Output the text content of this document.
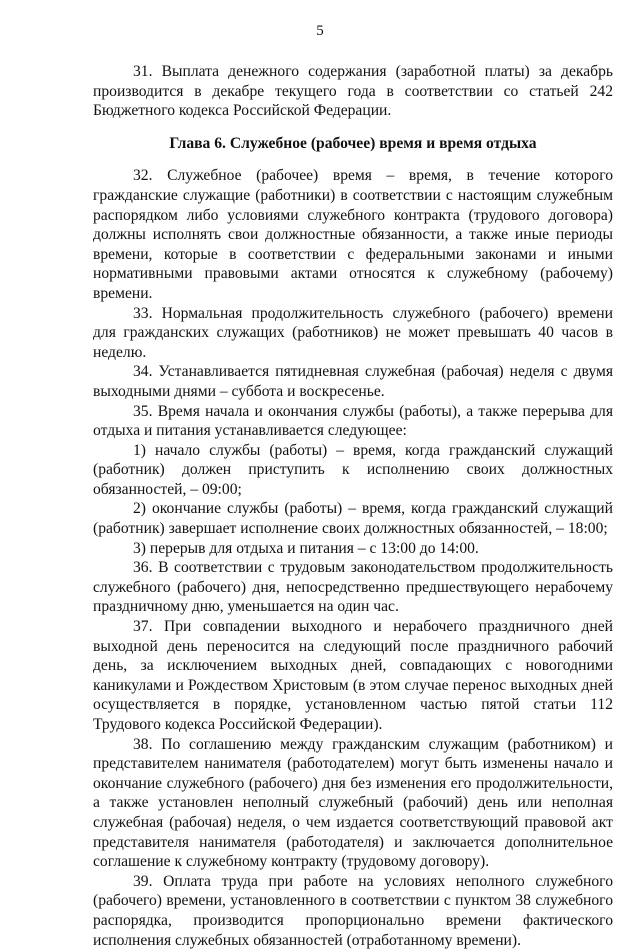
5

31. Выплата денежного содержания (заработной платы) за декабрь производится в декабре текущего года в соответствии со статьей 242 Бюджетного кодекса Российской Федерации.

Глава 6. Служебное (рабочее) время и время отдыха

32. Служебное (рабочее) время – время, в течение которого гражданские служащие (работники) в соответствии с настоящим служебным распорядком либо условиями служебного контракта (трудового договора) должны исполнять свои должностные обязанности, а также иные периоды времени, которые в соответствии с федеральными законами и иными нормативными правовыми актами относятся к служебному (рабочему) времени.

33. Нормальная продолжительность служебного (рабочего) времени для гражданских служащих (работников) не может превышать 40 часов в неделю.

34. Устанавливается пятидневная служебная (рабочая) неделя с двумя выходными днями – суббота и воскресенье.

35. Время начала и окончания службы (работы), а также перерыва для отдыха и питания устанавливается следующее:

1) начало службы (работы) – время, когда гражданский служащий (работник) должен приступить к исполнению своих должностных обязанностей, – 09:00;

2) окончание службы (работы) – время, когда гражданский служащий (работник) завершает исполнение своих должностных обязанностей, – 18:00;

3) перерыв для отдыха и питания – с 13:00 до 14:00.

36. В соответствии с трудовым законодательством продолжительность служебного (рабочего) дня, непосредственно предшествующего нерабочему праздничному дню, уменьшается на один час.

37. При совпадении выходного и нерабочего праздничного дней выходной день переносится на следующий после праздничного рабочий день, за исключением выходных дней, совпадающих с новогодними каникулами и Рождеством Христовым (в этом случае перенос выходных дней осуществляется в порядке, установленном частью пятой статьи 112 Трудового кодекса Российской Федерации).

38. По соглашению между гражданским служащим (работником) и представителем нанимателя (работодателем) могут быть изменены начало и окончание служебного (рабочего) дня без изменения его продолжительности, а также установлен неполный служебный (рабочий) день или неполная служебная (рабочая) неделя, о чем издается соответствующий правовой акт представителя нанимателя (работодателя) и заключается дополнительное соглашение к служебному контракту (трудовому договору).

39. Оплата труда при работе на условиях неполного служебного (рабочего) времени, установленного в соответствии с пунктом 38 служебного распорядка, производится пропорционально времени фактического исполнения служебных обязанностей (отработанному времени).
